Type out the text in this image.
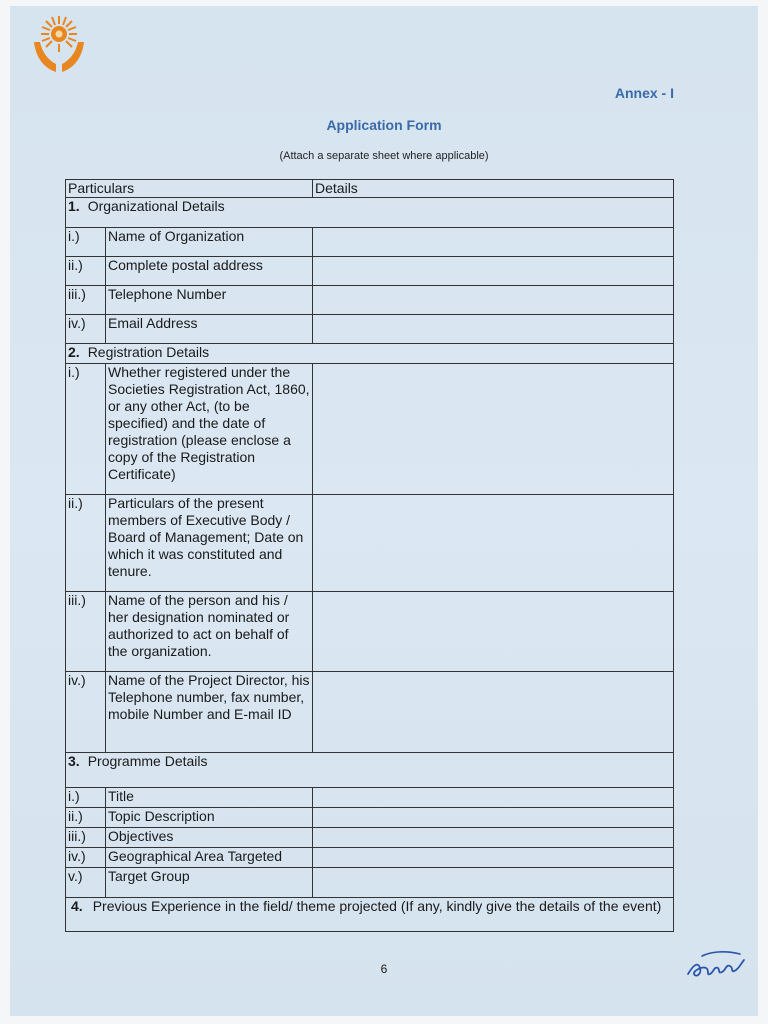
Annex - I
Application Form
(Attach a separate sheet where applicable)
Particulars		Details
1. Organizational Details		
i.)	Name of Organization	
ii.)	Complete postal address	
iii.)	Telephone Number	
iv.)	Email Address	
2. Registration Details		
i.)	Whether registered under the Societies Registration Act, 1860, or any other Act, (to be specified) and the date of registration (please enclose a copy of the Registration Certificate)	
ii.)	Particulars of the present members of Executive Body / Board of Management; Date on which it was constituted and tenure.	
iii.)	Name of the person and his / her designation nominated or authorized to act on behalf of the organization.	
iv.)	Name of the Project Director, his Telephone number, fax number, mobile Number and E-mail ID	
3. Programme Details		
i.)	Title	
ii.)	Topic Description	
iii.)	Objectives	
iv.)	Geographical Area Targeted	
v.)	Target Group	

4. Previous Experience in the field/ theme projected (If any, kindly give the details of the event)		
6
